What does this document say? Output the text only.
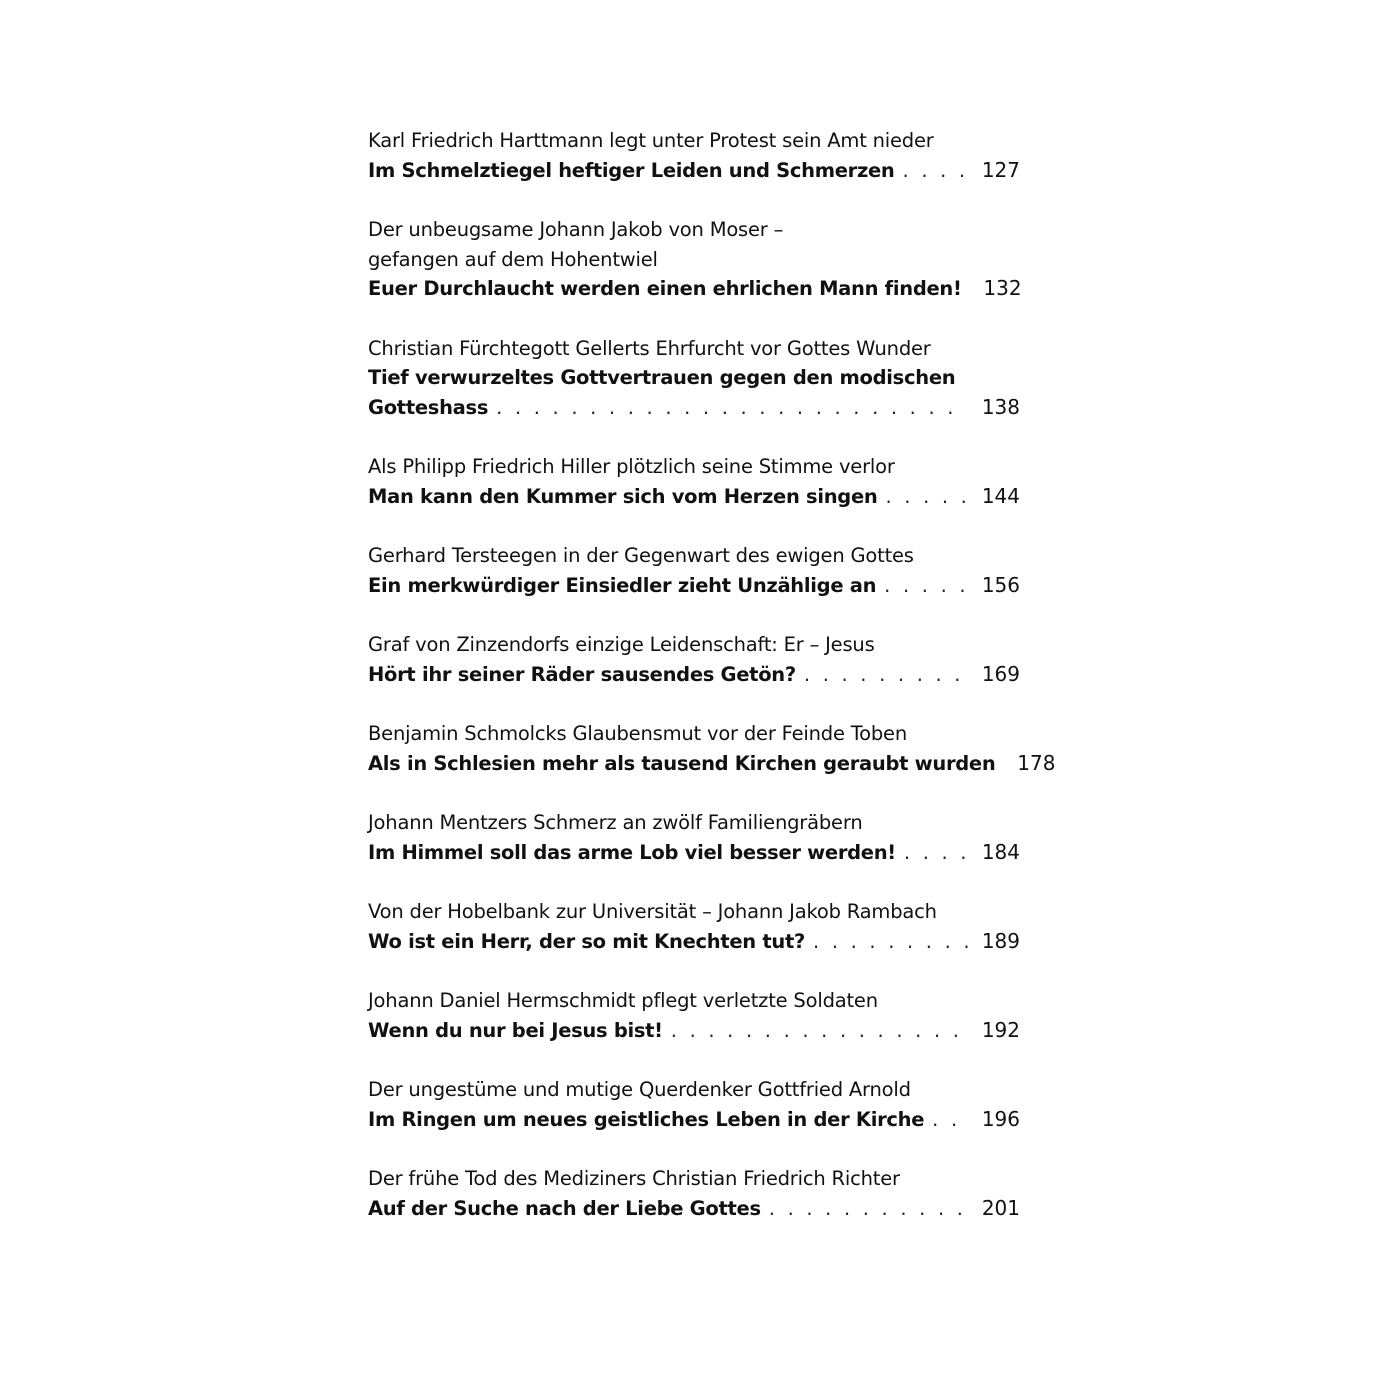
Karl Friedrich Harttmann legt unter Protest sein Amt nieder
Im Schmelztiegel heftiger Leiden und Schmerzen . . .	127
Der unbeugsame Johann Jakob von Moser –
gefangen auf dem Hohentwiel
Euer Durchlaucht werden einen ehrlichen Mann finden!	132
Christian Fürchtegott Gellerts Ehrfurcht vor Gottes Wunder
Tief verwurzeltes Gottvertrauen gegen den modischen
Gotteshass . . .	138
Als Philipp Friedrich Hiller plötzlich seine Stimme verlor
Man kann den Kummer sich vom Herzen singen . . .	144
Gerhard Tersteegen in der Gegenwart des ewigen Gottes
Ein merkwürdiger Einsiedler zieht Unzählige an . . .	156
Graf von Zinzendorfs einzige Leidenschaft: Er – Jesus
Hört ihr seiner Räder sausendes Getön? . . .	169
Benjamin Schmolcks Glaubensmut vor der Feinde Toben
Als in Schlesien mehr als tausend Kirchen geraubt wurden	178
Johann Mentzers Schmerz an zwölf Familiengräbern
Im Himmel soll das arme Lob viel besser werden! . . .	184
Von der Hobelbank zur Universität – Johann Jakob Rambach
Wo ist ein Herr, der so mit Knechten tut? . . .	189
Johann Daniel Hermschmidt pflegt verletzte Soldaten
Wenn du nur bei Jesus bist! . . .	192
Der ungestüme und mutige Querdenker Gottfried Arnold
Im Ringen um neues geistliches Leben in der Kirche . . .	196
Der frühe Tod des Mediziners Christian Friedrich Richter
Auf der Suche nach der Liebe Gottes . . .	201
